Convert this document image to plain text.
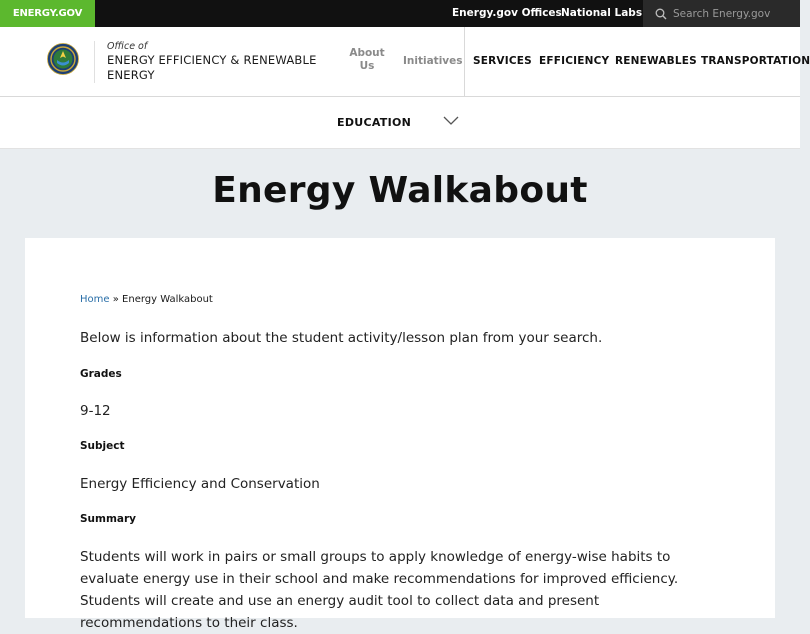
ENERGY.GOV	Energy.gov Offices National Labs
Search Energy.gov
Office of
ENERGY EFFICIENCY & RENEWABLE ENERGY
About Us	Initiatives SERVICES EFFICIENCY RENEWABLES TRANSPORTATION
EDUCATION
Energy Walkabout
Home » Energy Walkabout

Below is information about the student activity/lesson plan from your search.

Grades
9-12
Subject
Energy Efficiency and Conservation
Summary

Students will work in pairs or small groups to apply knowledge of energy-wise habits to evaluate energy use in their school and make recommendations for improved efficiency. Students will create and use an energy audit tool to collect data and present recommendations to their class.
